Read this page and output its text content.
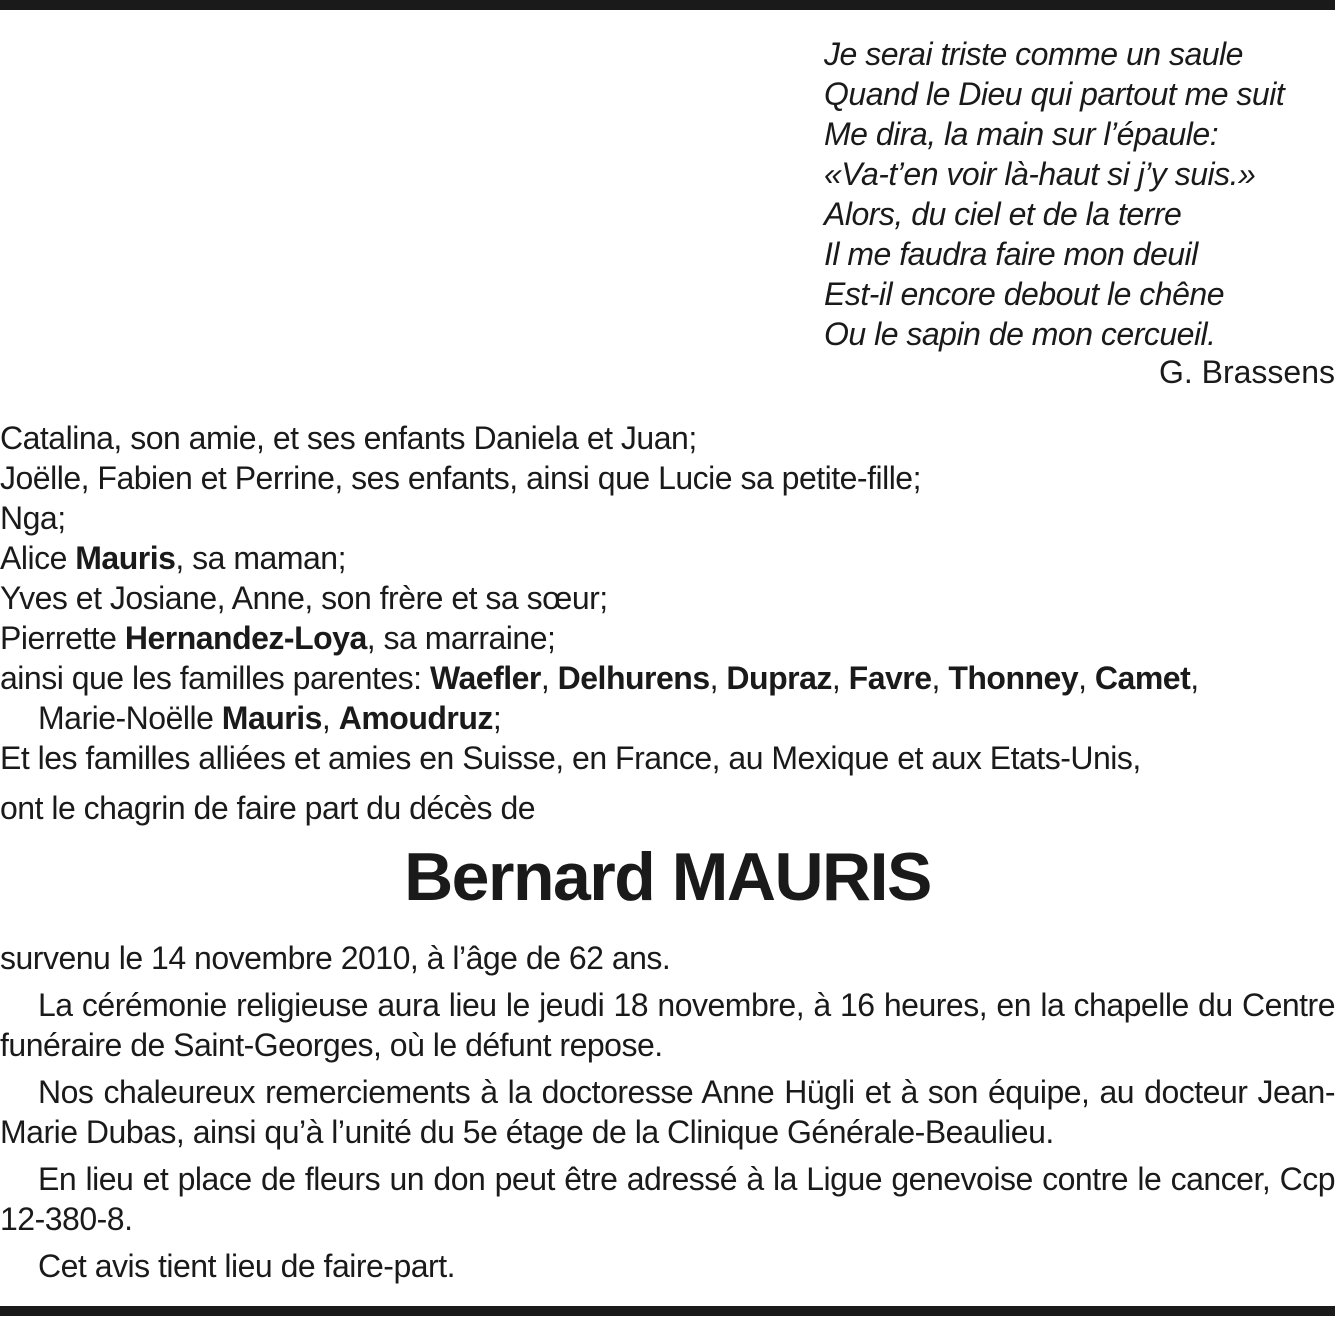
Je serai triste comme un saule
Quand le Dieu qui partout me suit
Me dira, la main sur l’épaule:
«Va-t’en voir là-haut si j’y suis.»
Alors, du ciel et de la terre
Il me faudra faire mon deuil
Est-il encore debout le chêne
Ou le sapin de mon cercueil.
G. Brassens
Catalina, son amie, et ses enfants Daniela et Juan;
Joëlle, Fabien et Perrine, ses enfants, ainsi que Lucie sa petite-fille;
Nga;
Alice Mauris, sa maman;
Yves et Josiane, Anne, son frère et sa sœur;
Pierrette Hernandez-Loya, sa marraine;
ainsi que les familles parentes: Waefler, Delhurens, Dupraz, Favre, Thonney, Camet,
Marie-Noëlle Mauris, Amoudruz;
Et les familles alliées et amies en Suisse, en France, au Mexique et aux Etats-Unis,
ont le chagrin de faire part du décès de
Bernard MAURIS

survenu le 14 novembre 2010, à l’âge de 62 ans.

La cérémonie religieuse aura lieu le jeudi 18 novembre, à 16 heures, en la chapelle du Centre funéraire de Saint-Georges, où le défunt repose.

Nos chaleureux remerciements à la doctoresse Anne Hügli et à son équipe, au docteur Jean-Marie Dubas, ainsi qu’à l’unité du 5e étage de la Clinique Générale-Beaulieu.

En lieu et place de fleurs un don peut être adressé à la Ligue genevoise contre le cancer, Ccp 12-380-8.

Cet avis tient lieu de faire-part.
